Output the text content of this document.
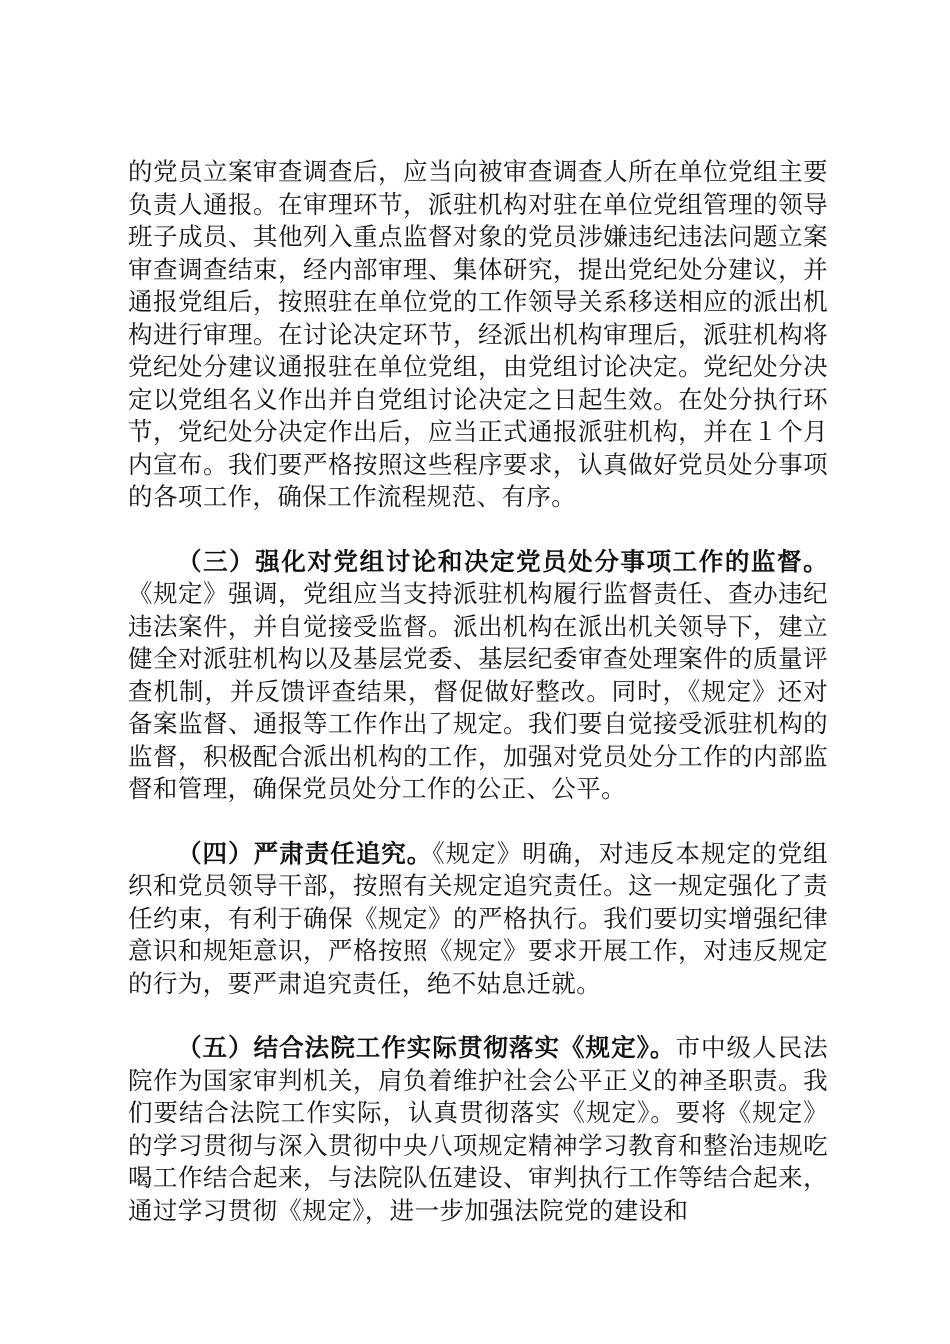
的党员立案审查调查后，应当向被审查调查人所在单位党组主要负责人通报。在审理环节，派驻机构对驻在单位党组管理的领导班子成员、其他列入重点监督对象的党员涉嫌违纪违法问题立案审查调查结束，经内部审理、集体研究，提出党纪处分建议，并通报党组后，按照驻在单位党的工作领导关系移送相应的派出机构进行审理。在讨论决定环节，经派出机构审理后，派驻机构将党纪处分建议通报驻在单位党组，由党组讨论决定。党纪处分决定以党组名义作出并自党组讨论决定之日起生效。在处分执行环节，党纪处分决定作出后，应当正式通报派驻机构，并在１个月内宣布。我们要严格按照这些程序要求，认真做好党员处分事项的各项工作，确保工作流程规范、有序。

（三）强化对党组讨论和决定党员处分事项工作的监督。《规定》强调，党组应当支持派驻机构履行监督责任、查办违纪违法案件，并自觉接受监督。派出机构在派出机关领导下，建立健全对派驻机构以及基层党委、基层纪委审查处理案件的质量评查机制，并反馈评查结果，督促做好整改。同时，《规定》还对备案监督、通报等工作作出了规定。我们要自觉接受派驻机构的监督，积极配合派出机构的工作，加强对党员处分工作的内部监督和管理，确保党员处分工作的公正、公平。

（四）严肃责任追究。《规定》明确，对违反本规定的党组织和党员领导干部，按照有关规定追究责任。这一规定强化了责任约束，有利于确保《规定》的严格执行。我们要切实增强纪律意识和规矩意识，严格按照《规定》要求开展工作，对违反规定的行为，要严肃追究责任，绝不姑息迁就。

（五）结合法院工作实际贯彻落实《规定》。市中级人民法院作为国家审判机关，肩负着维护社会公平正义的神圣职责。我们要结合法院工作实际，认真贯彻落实《规定》。要将《规定》的学习贯彻与深入贯彻中央八项规定精神学习教育和整治违规吃喝工作结合起来，与法院队伍建设、审判执行工作等结合起来，通过学习贯彻《规定》，进一步加强法院党的建设和
